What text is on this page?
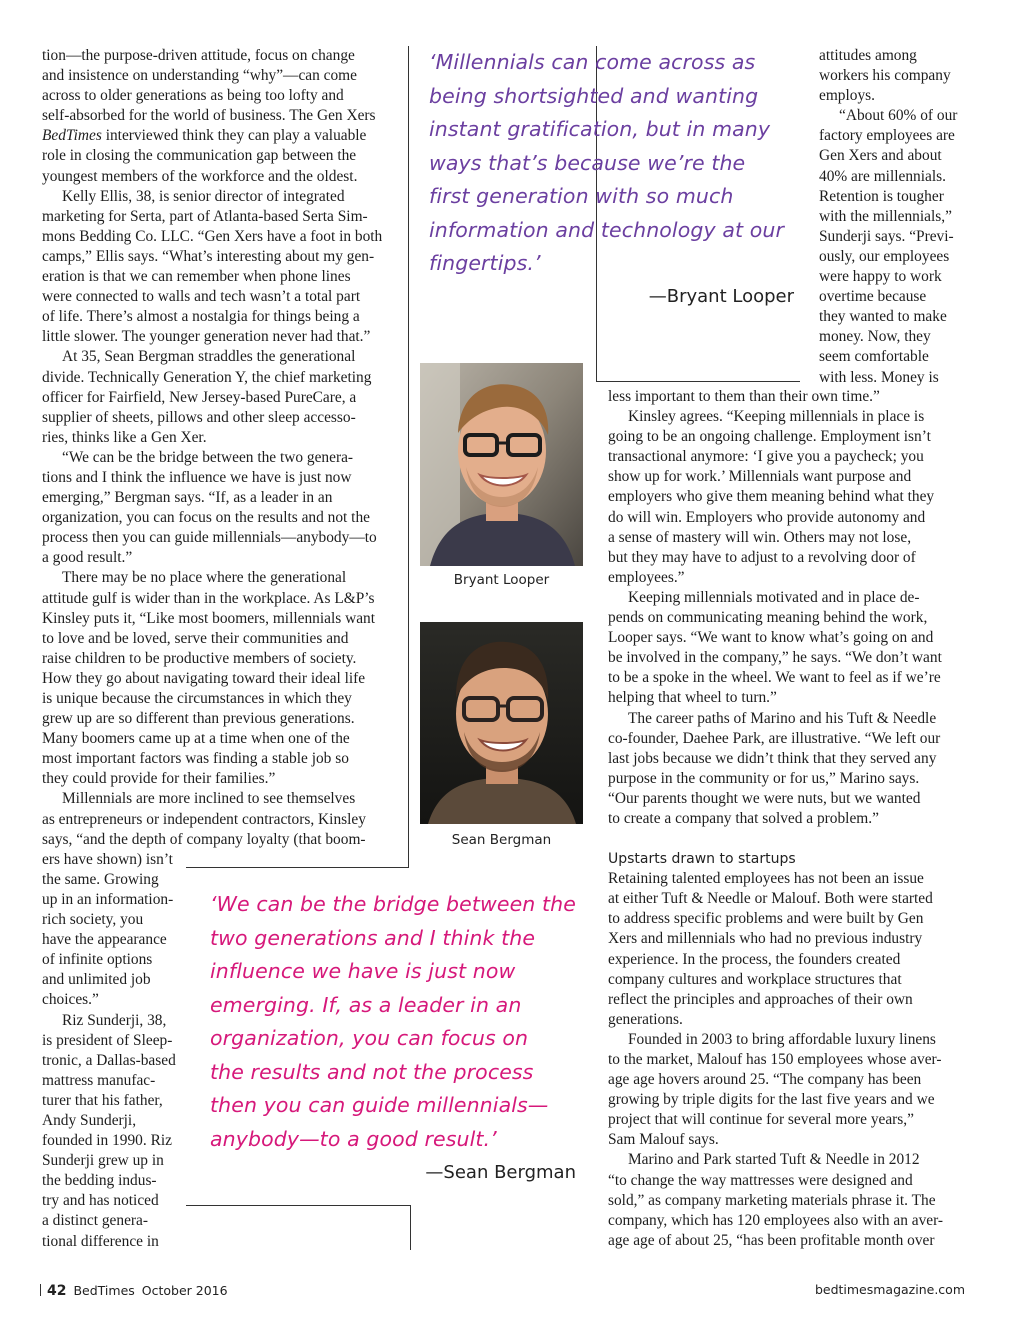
tion—the purpose-driven attitude, focus on change

and insistence on understanding “why”—can come

across to older generations as being too lofty and

self-absorbed for the world of business. The Gen Xers

BedTimes interviewed think they can play a valuable

role in closing the communication gap between the

youngest members of the workforce and the oldest.

Kelly Ellis, 38, is senior director of integrated

marketing for Serta, part of Atlanta-based Serta Sim-

mons Bedding Co. LLC. “Gen Xers have a foot in both

camps,” Ellis says. “What’s interesting about my gen-

eration is that we can remember when phone lines

were connected to walls and tech wasn’t a total part

of life. There’s almost a nostalgia for things being a

little slower. The younger generation never had that.”

At 35, Sean Bergman straddles the generational

divide. Technically Generation Y, the chief marketing

officer for Fairfield, New Jersey-based PureCare, a

supplier of sheets, pillows and other sleep accesso-

ries, thinks like a Gen Xer.

“We can be the bridge between the two genera-

tions and I think the influence we have is just now

emerging,” Bergman says. “If, as a leader in an

organization, you can focus on the results and not the

process then you can guide millennials—anybody—to

a good result.”

There may be no place where the generational

attitude gulf is wider than in the workplace. As L&P’s

Kinsley puts it, “Like most boomers, millennials want

to love and be loved, serve their communities and

raise children to be productive members of society.

How they go about navigating toward their ideal life

is unique because the circumstances in which they

grew up are so different than previous generations.

Many boomers came up at a time when one of the

most important factors was finding a stable job so

they could provide for their families.”

Millennials are more inclined to see themselves

as entrepreneurs or independent contractors, Kinsley

says, “and the depth of company loyalty (that boom-

ers have shown) isn’t

the same. Growing

up in an information-

rich society, you

have the appearance

of infinite options

and unlimited job

choices.”

Riz Sunderji, 38,

is president of Sleep-

tronic, a Dallas-based

mattress manufac-

turer that his father,

Andy Sunderji,

founded in 1990. Riz

Sunderji grew up in

the bedding indus-

try and has noticed

a distinct genera-

tional difference in

‘Millennials can come across as

being shortsighted and wanting

instant gratification, but in many

ways that’s because we’re the

first generation with so much

information and technology at our

fingertips.’

—Bryant Looper
Bryant Looper
Sean Bergman

‘We can be the bridge between the

two generations and I think the

influence we have is just now

emerging. If, as a leader in an

organization, you can focus on

the results and not the process

then you can guide millennials—

anybody—to a good result.’

—Sean Bergman

attitudes among

workers his company

employs.

“About 60% of our

factory employees are

Gen Xers and about

40% are millennials.

Retention is tougher

with the millennials,”

Sunderji says. “Previ-

ously, our employees

were happy to work

overtime because

they wanted to make

money. Now, they

seem comfortable

with less. Money is

less important to them than their own time.”

Kinsley agrees. “Keeping millennials in place is

going to be an ongoing challenge. Employment isn’t

transactional anymore: ‘I give you a paycheck; you

show up for work.’ Millennials want purpose and

employers who give them meaning behind what they

do will win. Employers who provide autonomy and

a sense of mastery will win. Others may not lose,

but they may have to adjust to a revolving door of

employees.”

Keeping millennials motivated and in place de-

pends on communicating meaning behind the work,

Looper says. “We want to know what’s going on and

be involved in the company,” he says. “We don’t want

to be a spoke in the wheel. We want to feel as if we’re

helping that wheel to turn.”

The career paths of Marino and his Tuft & Needle

co-founder, Daehee Park, are illustrative. “We left our

last jobs because we didn’t think that they served any

purpose in the community or for us,” Marino says.

“Our parents thought we were nuts, but we wanted

to create a company that solved a problem.”

Upstarts drawn to startups

Retaining talented employees has not been an issue

at either Tuft & Needle or Malouf. Both were started

to address specific problems and were built by Gen

Xers and millennials who had no previous industry

experience. In the process, the founders created

company cultures and workplace structures that

reflect the principles and approaches of their own

generations.

Founded in 2003 to bring affordable luxury linens

to the market, Malouf has 150 employees whose aver-

age age hovers around 25. “The company has been

growing by triple digits for the last five years and we

project that will continue for several more years,”

Sam Malouf says.

Marino and Park started Tuft & Needle in 2012

“to change the way mattresses were designed and

sold,” as company marketing materials phrase it. The

company, which has 120 employees also with an aver-

age age of about 25, “has been profitable month over

42 BedTimes October 2016	bedtimesmagazine.com
